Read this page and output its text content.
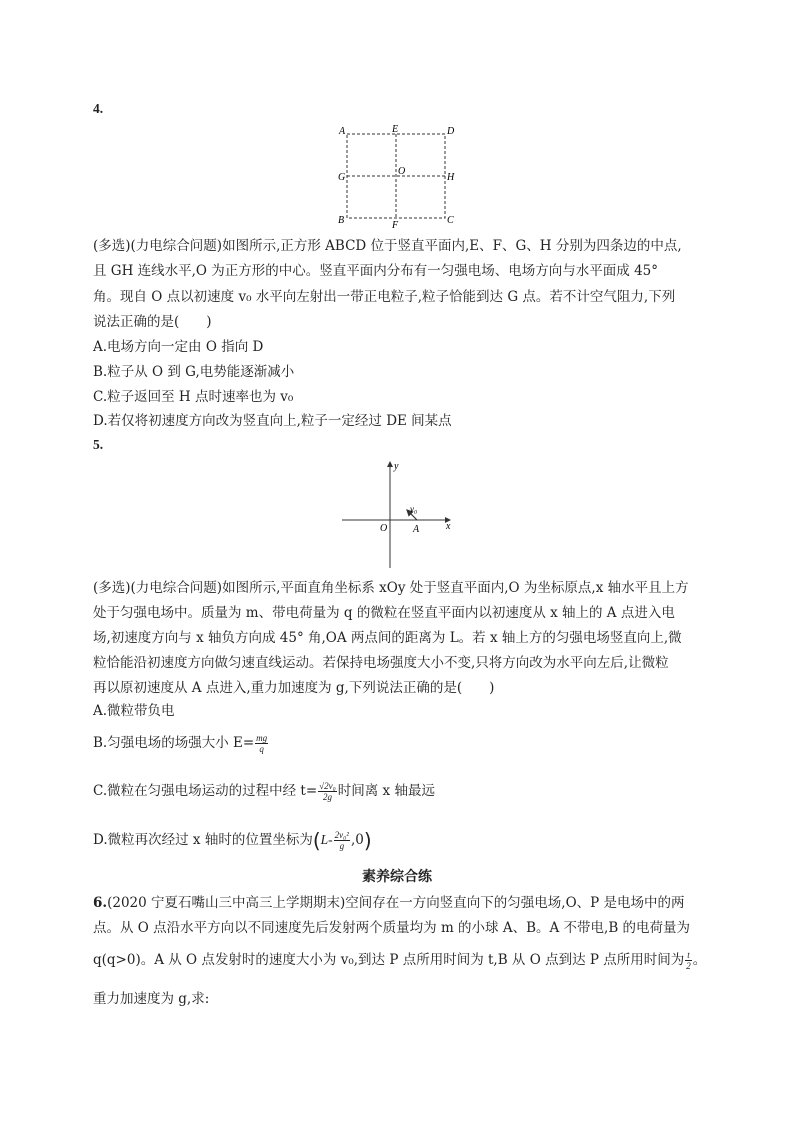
4.
A	E	D
G
O
H
B	F	C
(多选)(力电综合问题)如图所示,正方形 ABCD 位于竖直平面内,E、F、G、H 分别为四条边的中点,
且 GH 连线水平,O 为正方形的中心。竖直平面内分布有一匀强电场、电场方向与水平面成 45°
角。现自 O 点以初速度 v₀ 水平向左射出一带正电粒子,粒子恰能到达 G 点。若不计空气阻力,下列
说法正确的是(　　)
A.电场方向一定由 O 指向 D
B.粒子从 O 到 G,电势能逐渐减小
C.粒子返回至 H 点时速率也为 v₀
D.若仅将初速度方向改为竖直向上,粒子一定经过 DE 间某点
5.
y
x
O	A
v₀
(多选)(力电综合问题)如图所示,平面直角坐标系 xOy 处于竖直平面内,O 为坐标原点,x 轴水平且上方
处于匀强电场中。质量为 m、带电荷量为 q 的微粒在竖直平面内以初速度从 x 轴上的 A 点进入电
场,初速度方向与 x 轴负方向成 45° 角,OA 两点间的距离为 L。若 x 轴上方的匀强电场竖直向上,微
粒恰能沿初速度方向做匀速直线运动。若保持电场强度大小不变,只将方向改为水平向左后,让微粒
再以原初速度从 A 点进入,重力加速度为 g,下列说法正确的是(　　)
A.微粒带负电
B.匀强电场的场强大小 $E= \frac{mg}{q}$
C.微粒在匀强电场运动的过程中经 $t= \frac{\text{√2v₀}}{2g}$ 时间离 x 轴最远
D.微粒再次经过 x 轴时的位置坐标为$(L- \frac{\text{2v₀²}}{g} ,0)$
素养综合练
6.(2020 宁夏石嘴山三中高三上学期期末)空间存在一方向竖直向下的匀强电场,O、P 是电场中的两
点。从 O 点沿水平方向以不同速度先后发射两个质量均为 m 的小球 A、B。A 不带电,B 的电荷量为
q(q>0)。A 从 O 点发射时的速度大小为 v₀,到达 P 点所用时间为 t,B 从 O 点到达 P 点所用时间为 $\frac{t}{2}$ 。
重力加速度为 g,求:
